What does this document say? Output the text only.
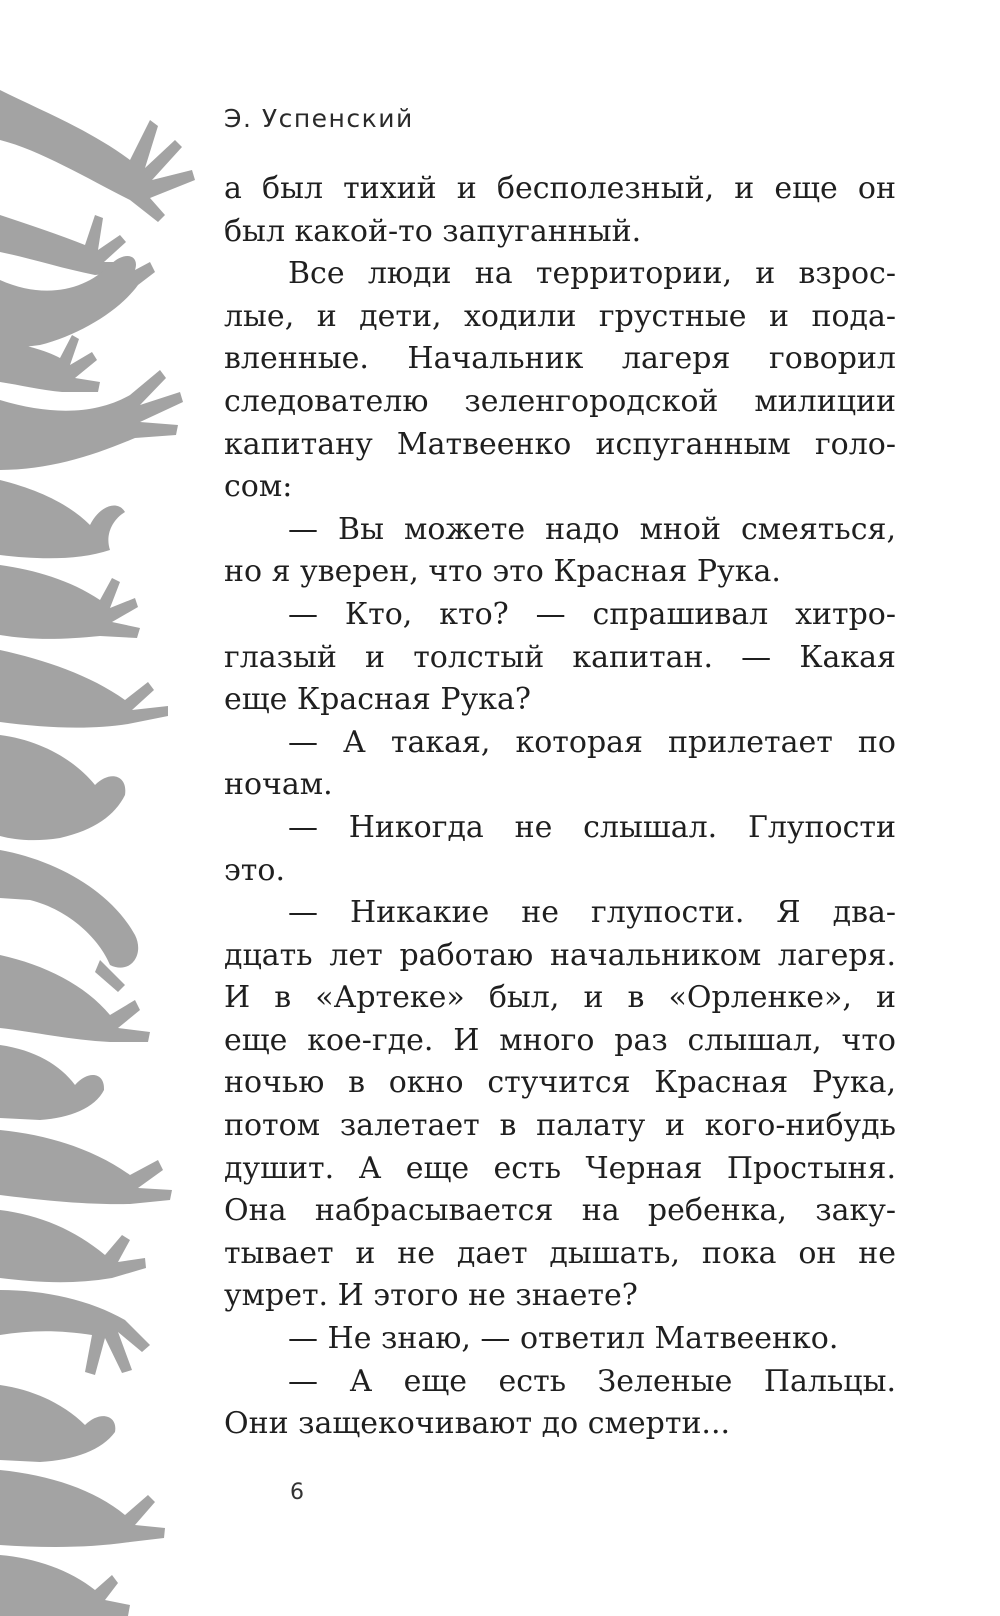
Э. Успенский
а был тихий и бесполезный, и еще он
был какой-то запуганный.
Все люди на территории, и взрос-
лые, и дети, ходили грустные и пода-
вленные. Начальник лагеря говорил
следователю зеленгородской милиции
капитану Матвеенко испуганным голо-
сом:
— Вы можете надо мной смеяться,
но я уверен, что это Красная Рука.
— Кто, кто? — спрашивал хитро-
глазый и толстый капитан. — Какая
еще Красная Рука?
— А такая, которая прилетает по
ночам.
— Никогда не слышал. Глупости
это.
— Никакие не глупости. Я два-
дцать лет работаю начальником лагеря.
И в «Артеке» был, и в «Орленке», и
еще кое-где. И много раз слышал, что
ночью в окно стучится Красная Рука,
потом залетает в палату и кого-нибудь
душит. А еще есть Черная Простыня.
Она набрасывается на ребенка, заку-
тывает и не дает дышать, пока он не
умрет. И этого не знаете?
— Не знаю, — ответил Матвеенко.
— А еще есть Зеленые Пальцы.
Они защекочивают до смерти...
6
